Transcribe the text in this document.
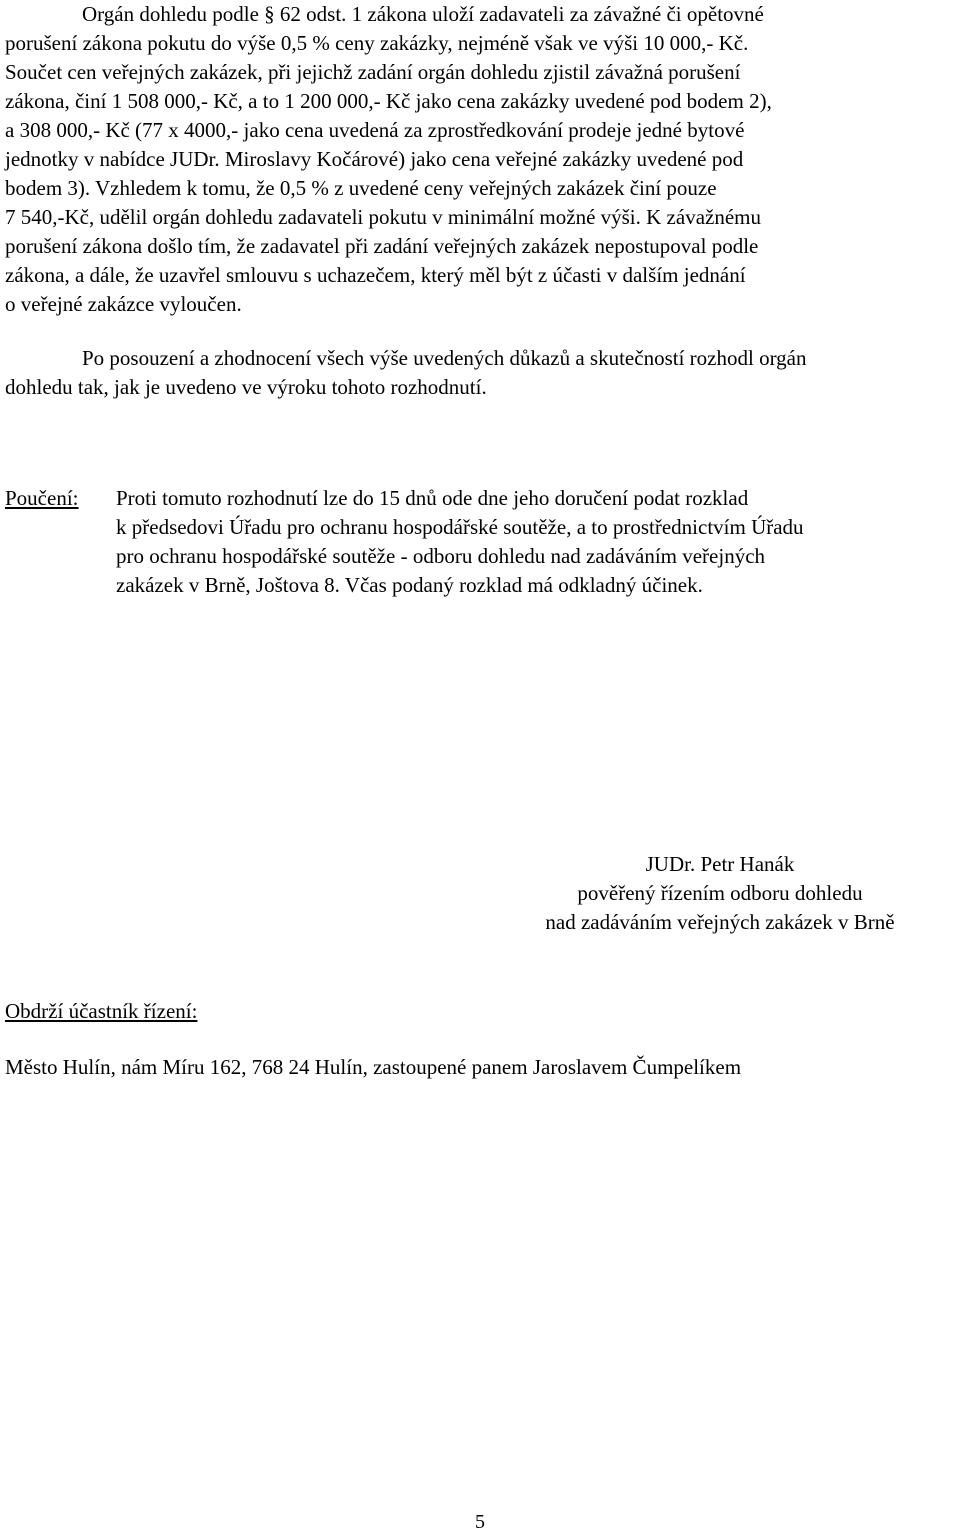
Orgán dohledu podle § 62 odst. 1 zákona uloží zadavateli za závažné či opětovné
porušení zákona pokutu do výše 0,5 % ceny zakázky, nejméně však ve výši 10 000,- Kč.
Součet cen veřejných zakázek, při jejichž zadání orgán dohledu zjistil závažná porušení
zákona, činí 1 508 000,- Kč, a to 1 200 000,- Kč jako cena zakázky uvedené pod bodem 2),
a 308 000,- Kč (77 x 4000,- jako cena uvedená za zprostředkování prodeje jedné bytové
jednotky v nabídce JUDr. Miroslavy Kočárové) jako cena veřejné zakázky uvedené pod
bodem 3). Vzhledem k tomu, že 0,5 % z uvedené ceny veřejných zakázek činí pouze
7 540,-Kč, udělil orgán dohledu zadavateli pokutu v minimální možné výši. K závažnému
porušení zákona došlo tím, že zadavatel při zadání veřejných zakázek nepostupoval podle
zákona, a dále, že uzavřel smlouvu s uchazečem, který měl být z účasti v dalším jednání
o veřejné zakázce vyloučen.

Po posouzení a zhodnocení všech výše uvedených důkazů a skutečností rozhodl orgán
dohledu tak, jak je uvedeno ve výroku tohoto rozhodnutí.

Poučení: Proti tomuto rozhodnutí lze do 15 dnů ode dne jeho doručení podat rozklad
k předsedovi Úřadu pro ochranu hospodářské soutěže, a to prostřednictvím Úřadu
pro ochranu hospodářské soutěže - odboru dohledu nad zadáváním veřejných
zakázek v Brně, Joštova 8. Včas podaný rozklad má odkladný účinek.

JUDr. Petr Hanák
pověřený řízením odboru dohledu
nad zadáváním veřejných zakázek v Brně
Obdrží účastník řízení:
Město Hulín, nám Míru 162, 768 24 Hulín, zastoupené panem Jaroslavem Čumpelíkem
5
